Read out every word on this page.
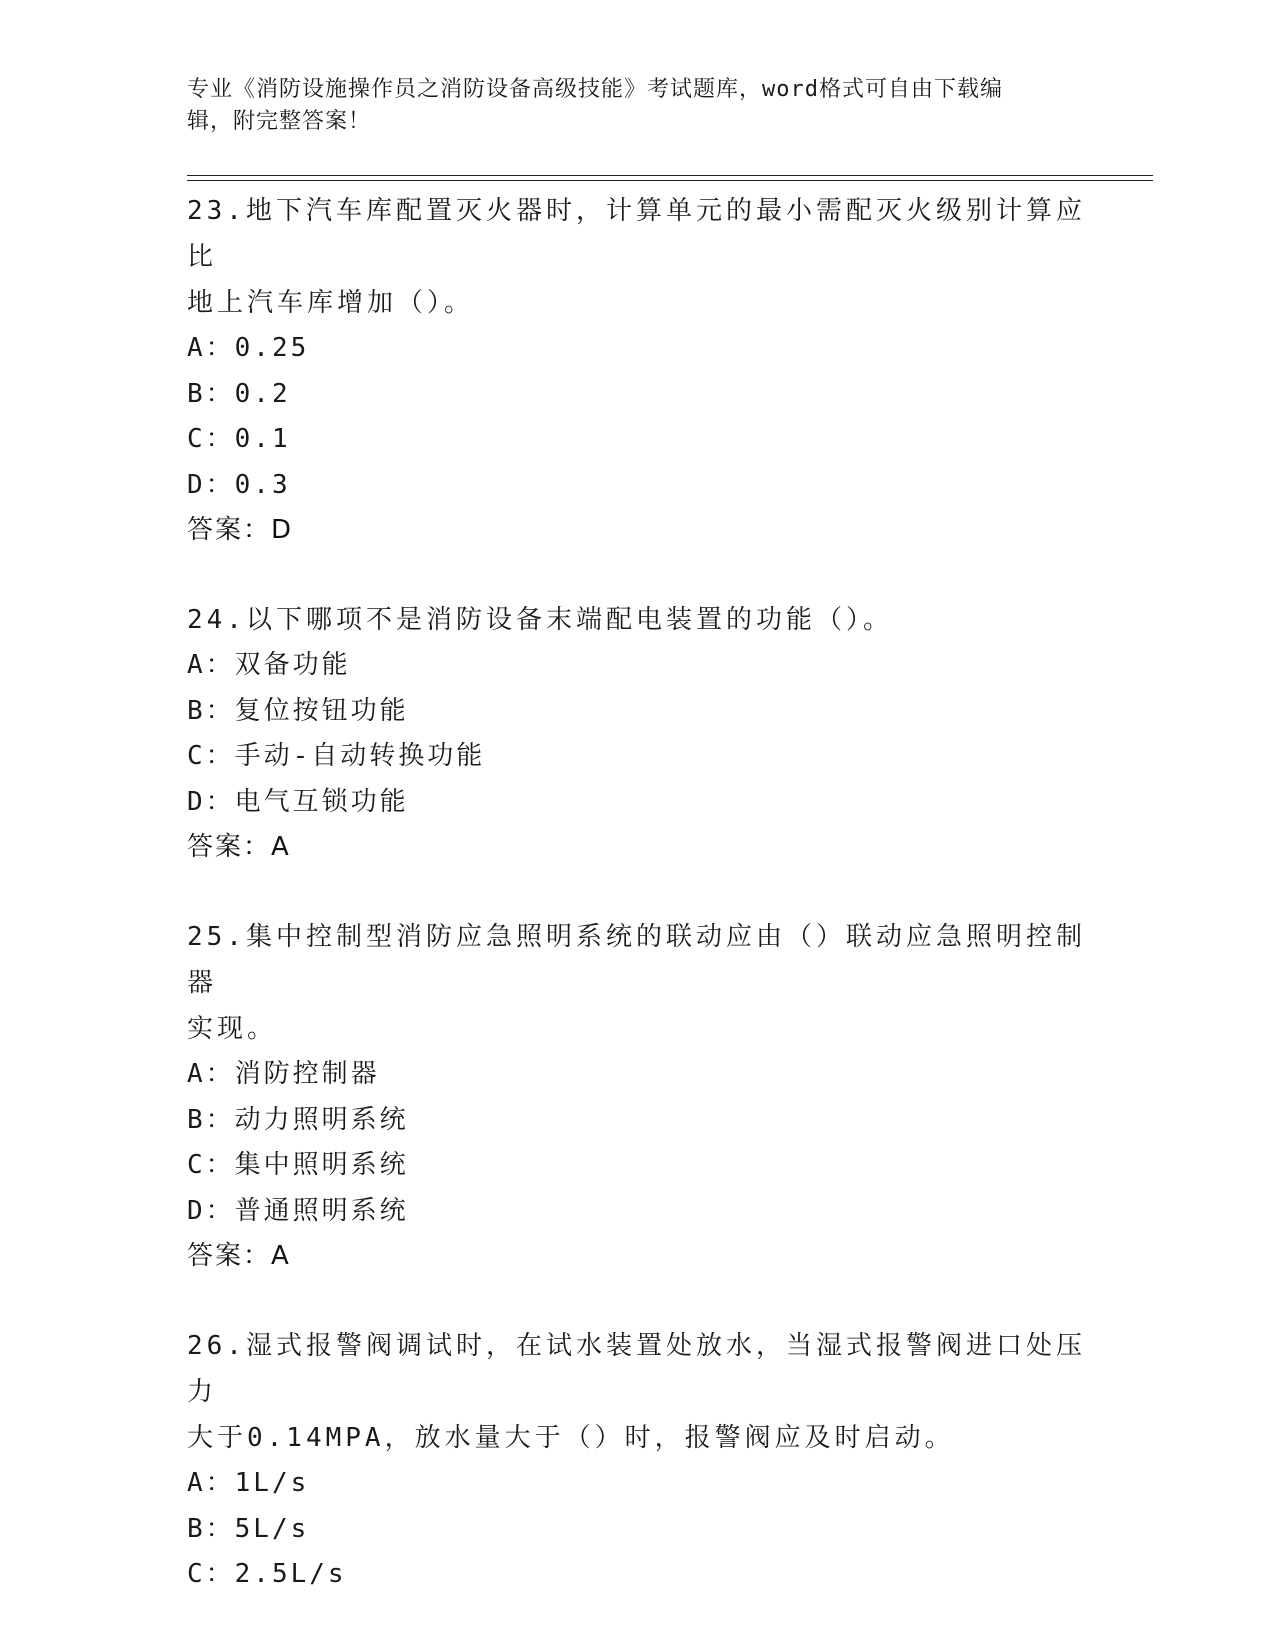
专业《消防设施操作员之消防设备高级技能》考试题库，word格式可自由下载编
辑，附完整答案！

23.地下汽车库配置灭火器时，计算单元的最小需配灭火级别计算应比
地上汽车库增加（）。

A：0.25

B：0.2

C：0.1

D：0.3

答案：D

24.以下哪项不是消防设备末端配电装置的功能（）。

A：双备功能

B：复位按钮功能

C：手动-自动转换功能

D：电气互锁功能

答案：A

25.集中控制型消防应急照明系统的联动应由（）联动应急照明控制器
实现。

A：消防控制器

B：动力照明系统

C：集中照明系统

D：普通照明系统

答案：A

26.湿式报警阀调试时，在试水装置处放水，当湿式报警阀进口处压力
大于0.14MPA，放水量大于（）时，报警阀应及时启动。

A：1L/s

B：5L/s

C：2.5L/s
